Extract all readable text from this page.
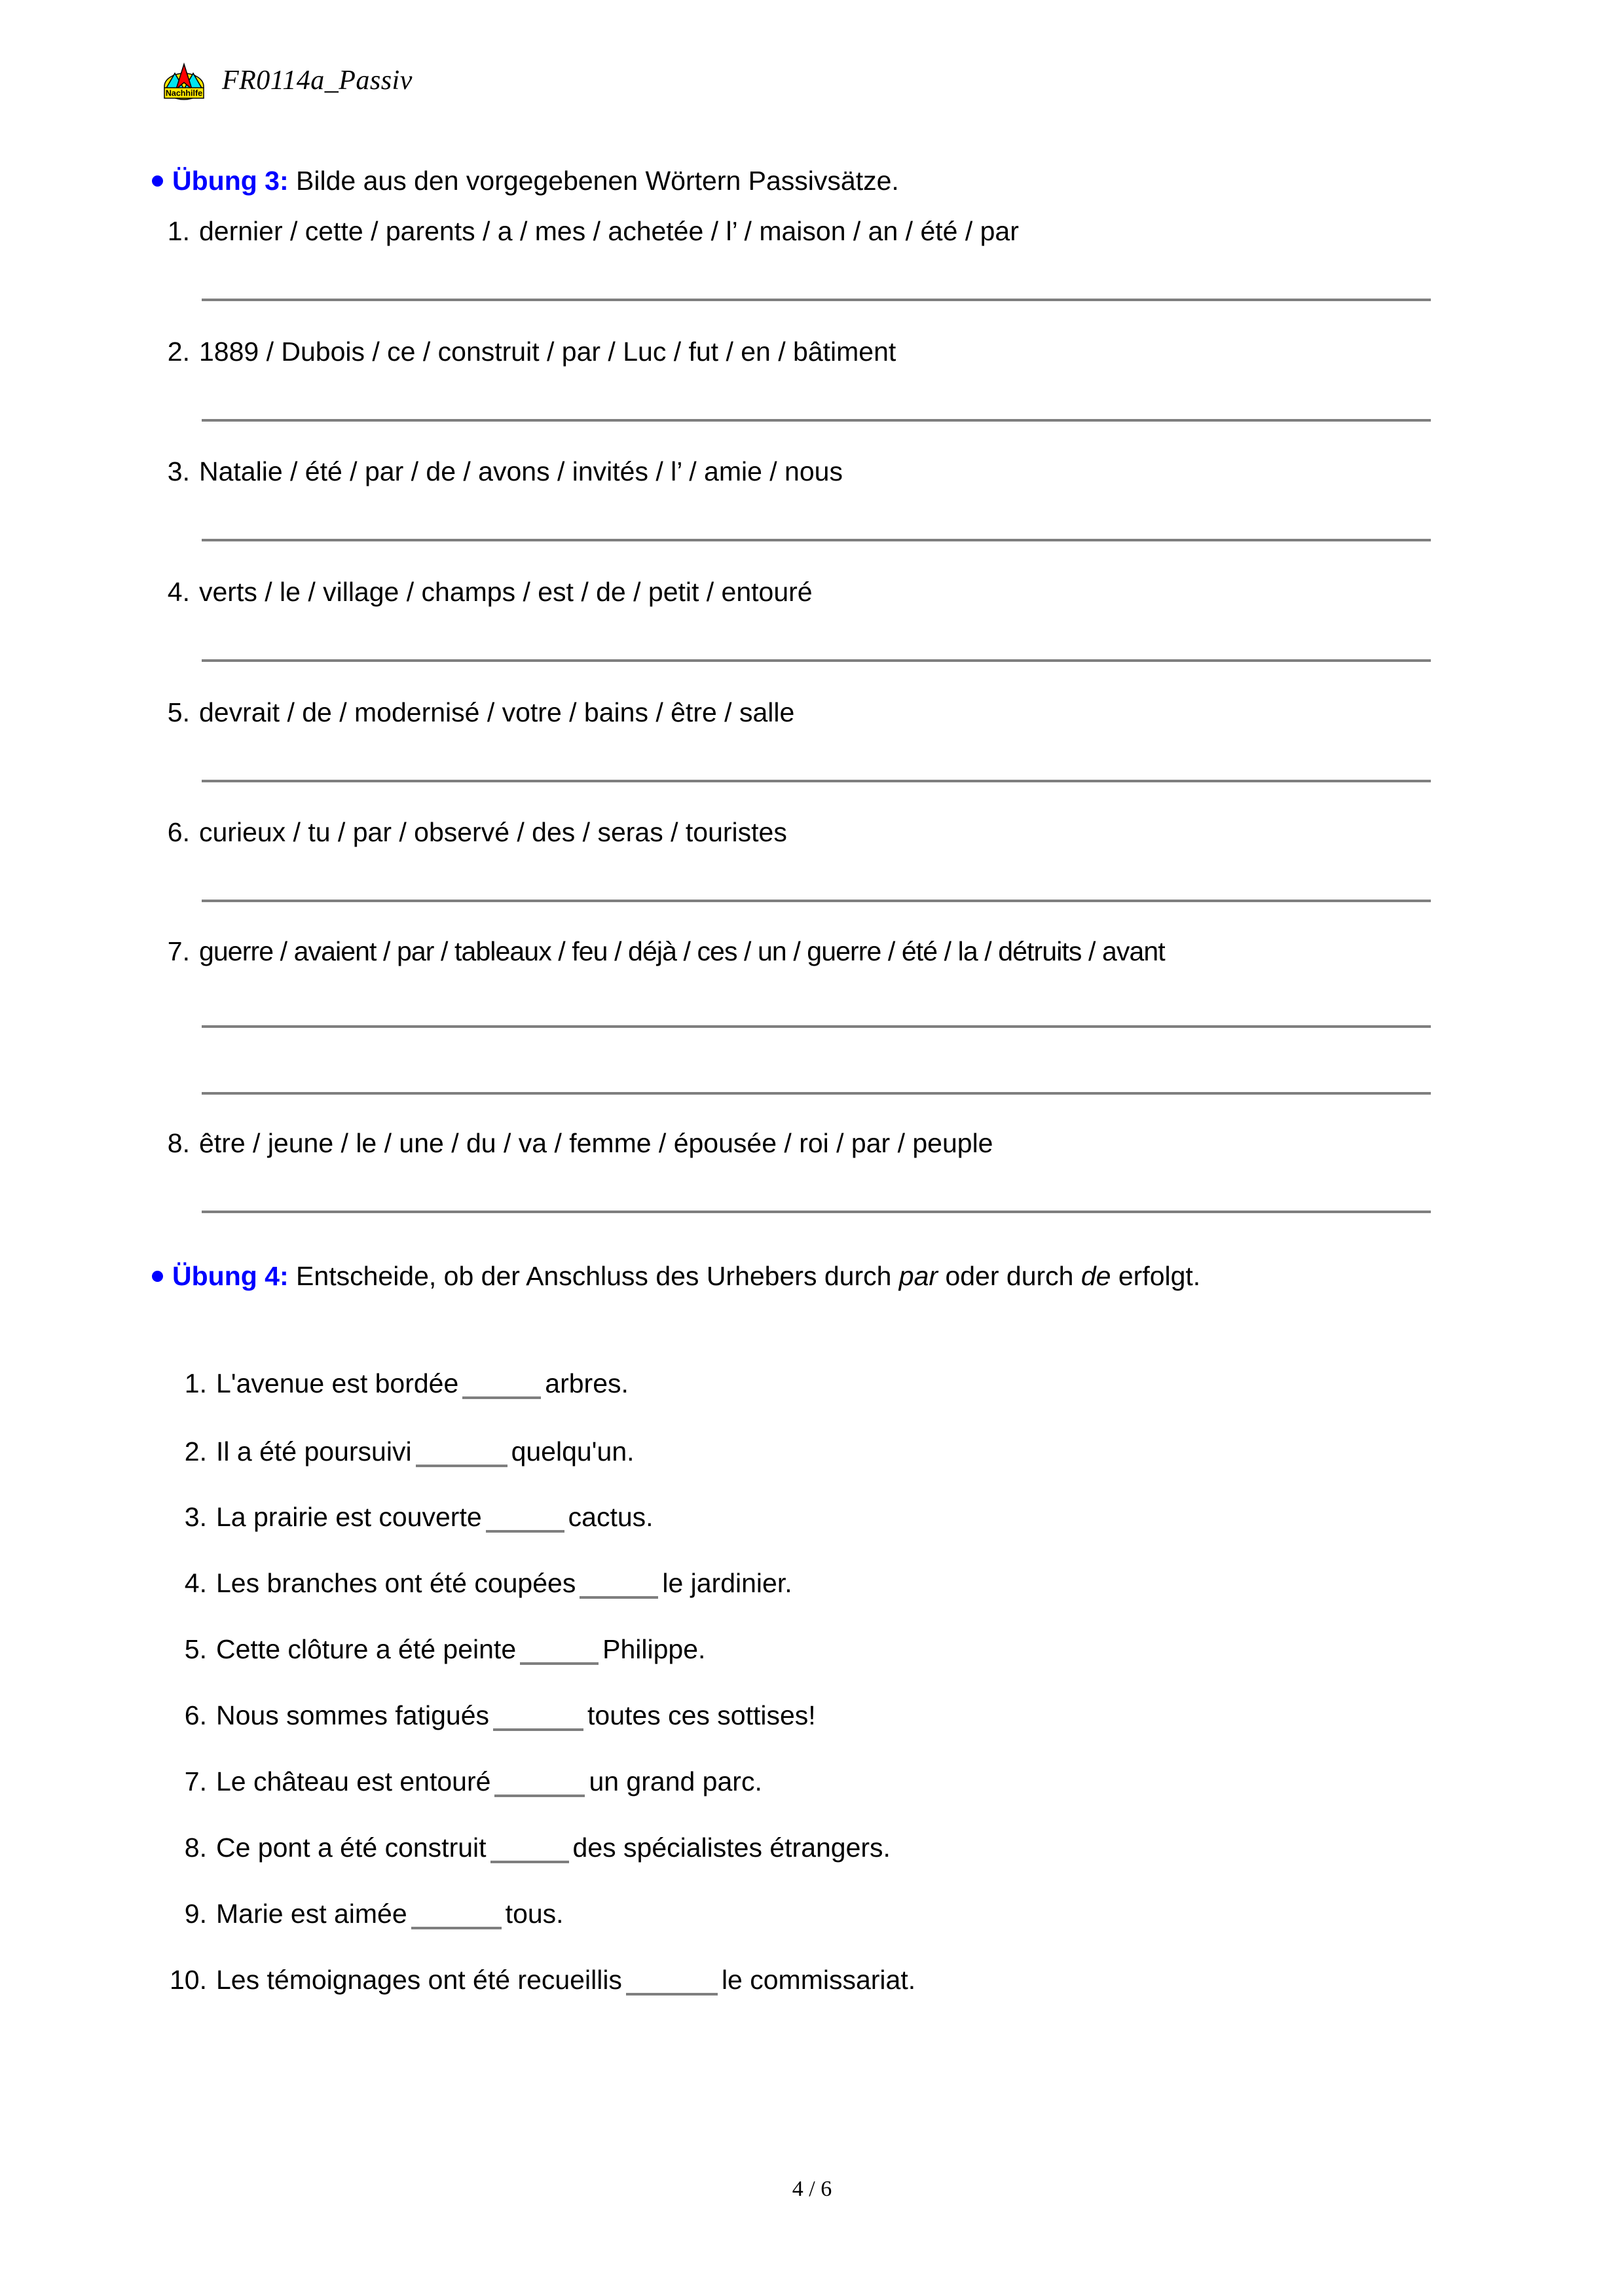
Nachhilfe FR0114a_Passiv
Übung 3: Bilde aus den vorgegebenen Wörtern Passivsätze.
1. dernier / cette / parents / a / mes / achetée / l’ / maison / an / été / par
2. 1889 / Dubois / ce / construit / par / Luc / fut / en / bâtiment
3. Natalie / été / par / de / avons / invités / l’ / amie / nous
4. verts / le / village / champs / est / de / petit / entouré
5. devrait / de / modernisé / votre / bains / être / salle
6. curieux / tu / par / observé / des / seras / touristes
7. guerre / avaient / par / tableaux / feu / déjà / ces / un / guerre / été / la / détruits / avant
8. être / jeune / le / une / du / va / femme / épousée / roi / par / peuple
Übung 4: Entscheide, ob der Anschluss des Urhebers durch par oder durch de erfolgt.
1. L'avenue est bordée	arbres.
2. Il a été poursuivi	quelqu'un.
3. La prairie est couverte	cactus.
4. Les branches ont été coupées	le jardinier.
5. Cette clôture a été peinte	Philippe.
6. Nous sommes fatigués	toutes ces sottises!
7. Le château est entouré	un grand parc.
8. Ce pont a été construit	des spécialistes étrangers.
9. Marie est aimée	tous.
10. Les témoignages ont été recueillis	le commissariat.
4 / 6
